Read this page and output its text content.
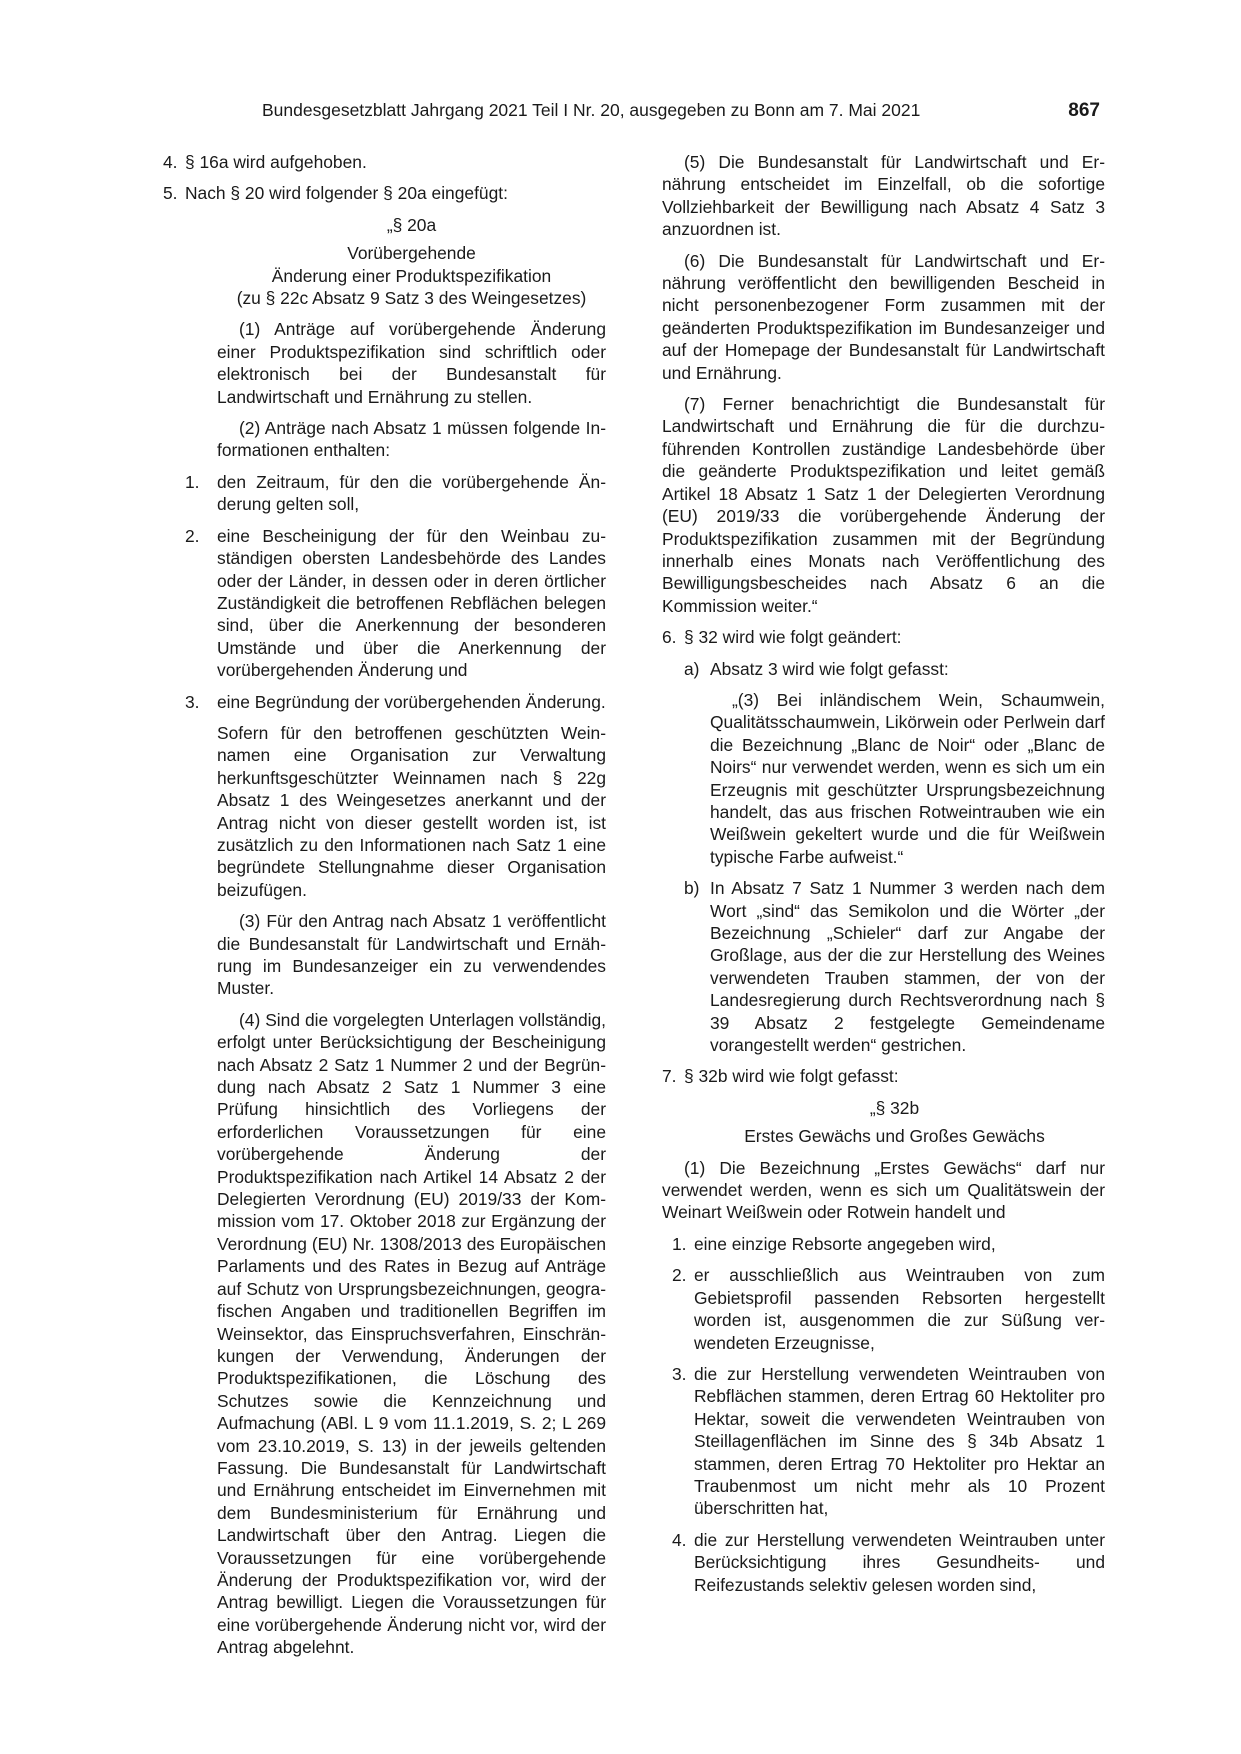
Bundesgesetzblatt Jahrgang 2021 Teil I Nr. 20, ausgegeben zu Bonn am 7. Mai 2021	867
4. § 16a wird aufgehoben.
5. Nach § 20 wird folgender § 20a eingefügt:
„§ 20a
Vorübergehende
Änderung einer Produktspezifikation
(zu § 22c Absatz 9 Satz 3 des Weingesetzes)

(1) Anträge auf vorübergehende Änderung einer Produktspezifikation sind schriftlich oder elektronisch bei der Bundesanstalt für Landwirtschaft und Ernährung zu stellen.

(2) Anträge nach Absatz 1 müssen folgende Informationen enthalten:

1. den Zeitraum, für den die vorübergehende Änderung gelten soll,
2. eine Bescheinigung der für den Weinbau zuständigen obersten Landesbehörde des Landes oder der Länder, in dessen oder in deren örtlicher Zuständigkeit die betroffenen Rebflächen belegen sind, über die Anerkennung der besonderen Umstände und über die Anerkennung der vorübergehenden Änderung und
3. eine Begründung der vorübergehenden Änderung.

Sofern für den betroffenen geschützten Weinnamen eine Organisation zur Verwaltung herkunftsgeschützter Weinnamen nach § 22g Absatz 1 des Weingesetzes anerkannt und der Antrag nicht von dieser gestellt worden ist, ist zusätzlich zu den Informationen nach Satz 1 eine begründete Stellungnahme dieser Organisation beizufügen.

(3) Für den Antrag nach Absatz 1 veröffentlicht die Bundesanstalt für Landwirtschaft und Ernährung im Bundesanzeiger ein zu verwendendes Muster.

(4) Sind die vorgelegten Unterlagen vollständig, erfolgt unter Berücksichtigung der Bescheinigung nach Absatz 2 Satz 1 Nummer 2 und der Begründung nach Absatz 2 Satz 1 Nummer 3 eine Prüfung hinsichtlich des Vorliegens der erforderlichen Voraussetzungen für eine vorübergehende Änderung der Produktspezifikation nach Artikel 14 Absatz 2 der Delegierten Verordnung (EU) 2019/33 der Kommission vom 17. Oktober 2018 zur Ergänzung der Verordnung (EU) Nr. 1308/2013 des Europäischen Parlaments und des Rates in Bezug auf Anträge auf Schutz von Ursprungsbezeichnungen, geografischen Angaben und traditionellen Begriffen im Weinsektor, das Einspruchsverfahren, Einschränkungen der Verwendung, Änderungen der Produktspezifikationen, die Löschung des Schutzes sowie die Kennzeichnung und Aufmachung (ABl. L 9 vom 11.1.2019, S. 2; L 269 vom 23.10.2019, S. 13) in der jeweils geltenden Fassung. Die Bundesanstalt für Landwirtschaft und Ernährung entscheidet im Einvernehmen mit dem Bundesministerium für Ernährung und Landwirtschaft über den Antrag. Liegen die Voraussetzungen für eine vorübergehende Änderung der Produktspezifikation vor, wird der Antrag bewilligt. Liegen die Voraussetzungen für eine vorübergehende Änderung nicht vor, wird der Antrag abgelehnt.

(5) Die Bundesanstalt für Landwirtschaft und Ernährung entscheidet im Einzelfall, ob die sofortige Vollziehbarkeit der Bewilligung nach Absatz 4 Satz 3 anzuordnen ist.

(6) Die Bundesanstalt für Landwirtschaft und Ernährung veröffentlicht den bewilligenden Bescheid in nicht personenbezogener Form zusammen mit der geänderten Produktspezifikation im Bundesanzeiger und auf der Homepage der Bundesanstalt für Landwirtschaft und Ernährung.

(7) Ferner benachrichtigt die Bundesanstalt für Landwirtschaft und Ernährung die für die durchzuführenden Kontrollen zuständige Landesbehörde über die geänderte Produktspezifikation und leitet gemäß Artikel 18 Absatz 1 Satz 1 der Delegierten Verordnung (EU) 2019/33 die vorübergehende Änderung der Produktspezifikation zusammen mit der Begründung innerhalb eines Monats nach Veröffentlichung des Bewilligungsbescheides nach Absatz 6 an die Kommission weiter.“

6. § 32 wird wie folgt geändert:
a) Absatz 3 wird wie folgt gefasst:

„(3) Bei inländischem Wein, Schaumwein, Qualitätsschaumwein, Likörwein oder Perlwein darf die Bezeichnung „Blanc de Noir“ oder „Blanc de Noirs“ nur verwendet werden, wenn es sich um ein Erzeugnis mit geschützter Ursprungsbezeichnung handelt, das aus frischen Rotweintrauben wie ein Weißwein gekeltert wurde und die für Weißwein typische Farbe aufweist.“

b) In Absatz 7 Satz 1 Nummer 3 werden nach dem Wort „sind“ das Semikolon und die Wörter „der Bezeichnung „Schieler“ darf zur Angabe der Großlage, aus der die zur Herstellung des Weines verwendeten Trauben stammen, der von der Landesregierung durch Rechtsverordnung nach § 39 Absatz 2 festgelegte Gemeindename vorangestellt werden“ gestrichen.
7. § 32b wird wie folgt gefasst:
„§ 32b
Erstes Gewächs und Großes Gewächs

(1) Die Bezeichnung „Erstes Gewächs“ darf nur verwendet werden, wenn es sich um Qualitätswein der Weinart Weißwein oder Rotwein handelt und

1. eine einzige Rebsorte angegeben wird,
2. er ausschließlich aus Weintrauben von zum Gebietsprofil passenden Rebsorten hergestellt worden ist, ausgenommen die zur Süßung verwendeten Erzeugnisse,
3. die zur Herstellung verwendeten Weintrauben von Rebflächen stammen, deren Ertrag 60 Hektoliter pro Hektar, soweit die verwendeten Weintrauben von Steillagenflächen im Sinne des § 34b Absatz 1 stammen, deren Ertrag 70 Hektoliter pro Hektar an Traubenmost um nicht mehr als 10 Prozent überschritten hat,
4. die zur Herstellung verwendeten Weintrauben unter Berücksichtigung ihres Gesundheits- und Reifezustands selektiv gelesen worden sind,
